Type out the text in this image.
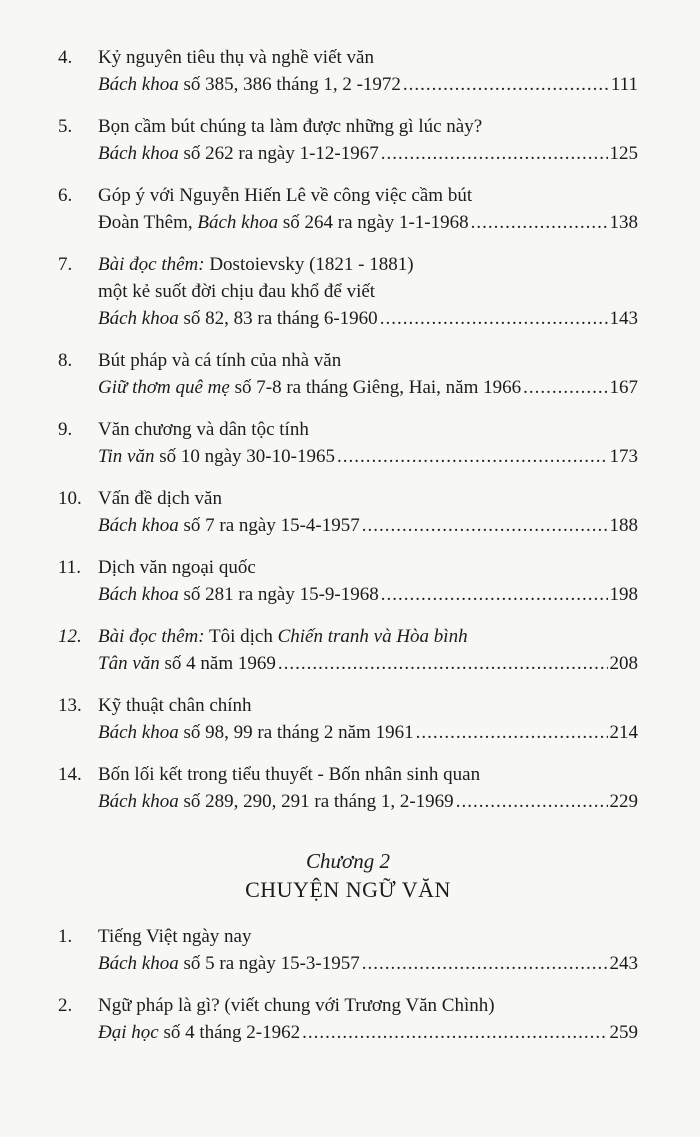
4.	Kỷ nguyên tiêu thụ và nghề viết văn
Bách khoa số 385, 386 tháng 1, 2 -1972 .....	111
5.	Bọn cầm bút chúng ta làm được những gì lúc này?
Bách khoa số 262 ra ngày 1-12-1967 .....	125
6.	Góp ý với Nguyễn Hiến Lê về công việc cầm bút
Đoàn Thêm, Bách khoa số 264 ra ngày 1-1-1968 .....	138
7.	Bài đọc thêm: Dostoievsky (1821 - 1881)
một kẻ suốt đời chịu đau khổ để viết
Bách khoa số 82, 83 ra tháng 6-1960 .....	143
8.	Bút pháp và cá tính của nhà văn
Giữ thơm quê mẹ số 7-8 ra tháng Giêng, Hai, năm 1966 .....	167
9.	Văn chương và dân tộc tính
Tin văn số 10 ngày 30-10-1965 .....	173
10. Vấn đề dịch văn
Bách khoa số 7 ra ngày 15-4-1957 .....	188
11. Dịch văn ngoại quốc
Bách khoa số 281 ra ngày 15-9-1968 .....	198
12. Bài đọc thêm: Tôi dịch Chiến tranh và Hòa bình
Tân văn số 4 năm 1969 .....	208
13. Kỹ thuật chân chính
Bách khoa số 98, 99 ra tháng 2 năm 1961 .....	214
14. Bốn lối kết trong tiểu thuyết - Bốn nhân sinh quan
Bách khoa số 289, 290, 291 ra tháng 1, 2-1969 .....	229
Chương 2
CHUYỆN NGỮ VĂN
1.	Tiếng Việt ngày nay
Bách khoa số 5 ra ngày 15-3-1957 .....	243
2.	Ngữ pháp là gì? (viết chung với Trương Văn Chình)
Đại học số 4 tháng 2-1962 .....	259
